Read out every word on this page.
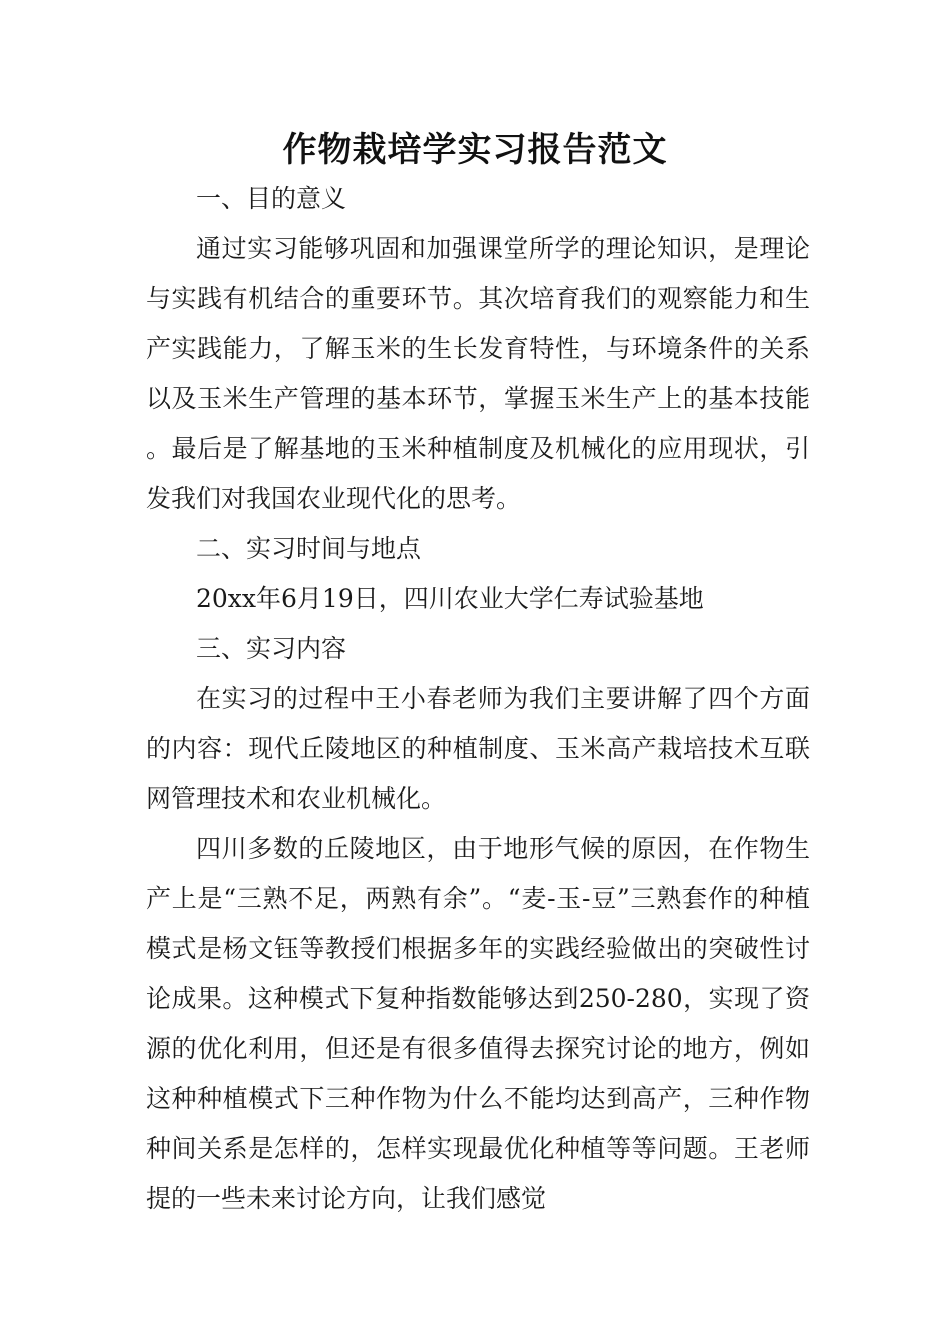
作物栽培学实习报告范文

一、目的意义

通过实习能够巩固和加强课堂所学的理论知识，是理论与实践有机结合的重要环节。其次培育我们的观察能力和生产实践能力，了解玉米的生长发育特性，与环境条件的关系以及玉米生产管理的基本环节，掌握玉米生产上的基本技能。最后是了解基地的玉米种植制度及机械化的应用现状，引发我们对我国农业现代化的思考。

二、实习时间与地点

20xx年6月19日，四川农业大学仁寿试验基地

三、实习内容

在实习的过程中王小春老师为我们主要讲解了四个方面的内容：现代丘陵地区的种植制度、玉米高产栽培技术互联网管理技术和农业机械化。

四川多数的丘陵地区，由于地形气候的原因，在作物生产上是“三熟不足，两熟有余”。“麦-玉-豆”三熟套作的种植模式是杨文钰等教授们根据多年的实践经验做出的突破性讨论成果。这种模式下复种指数能够达到250-280，实现了资源的优化利用，但还是有很多值得去探究讨论的地方，例如这种种植模式下三种作物为什么不能均达到高产，三种作物种间关系是怎样的，怎样实现最优化种植等等问题。王老师提的一些未来讨论方向，让我们感觉
